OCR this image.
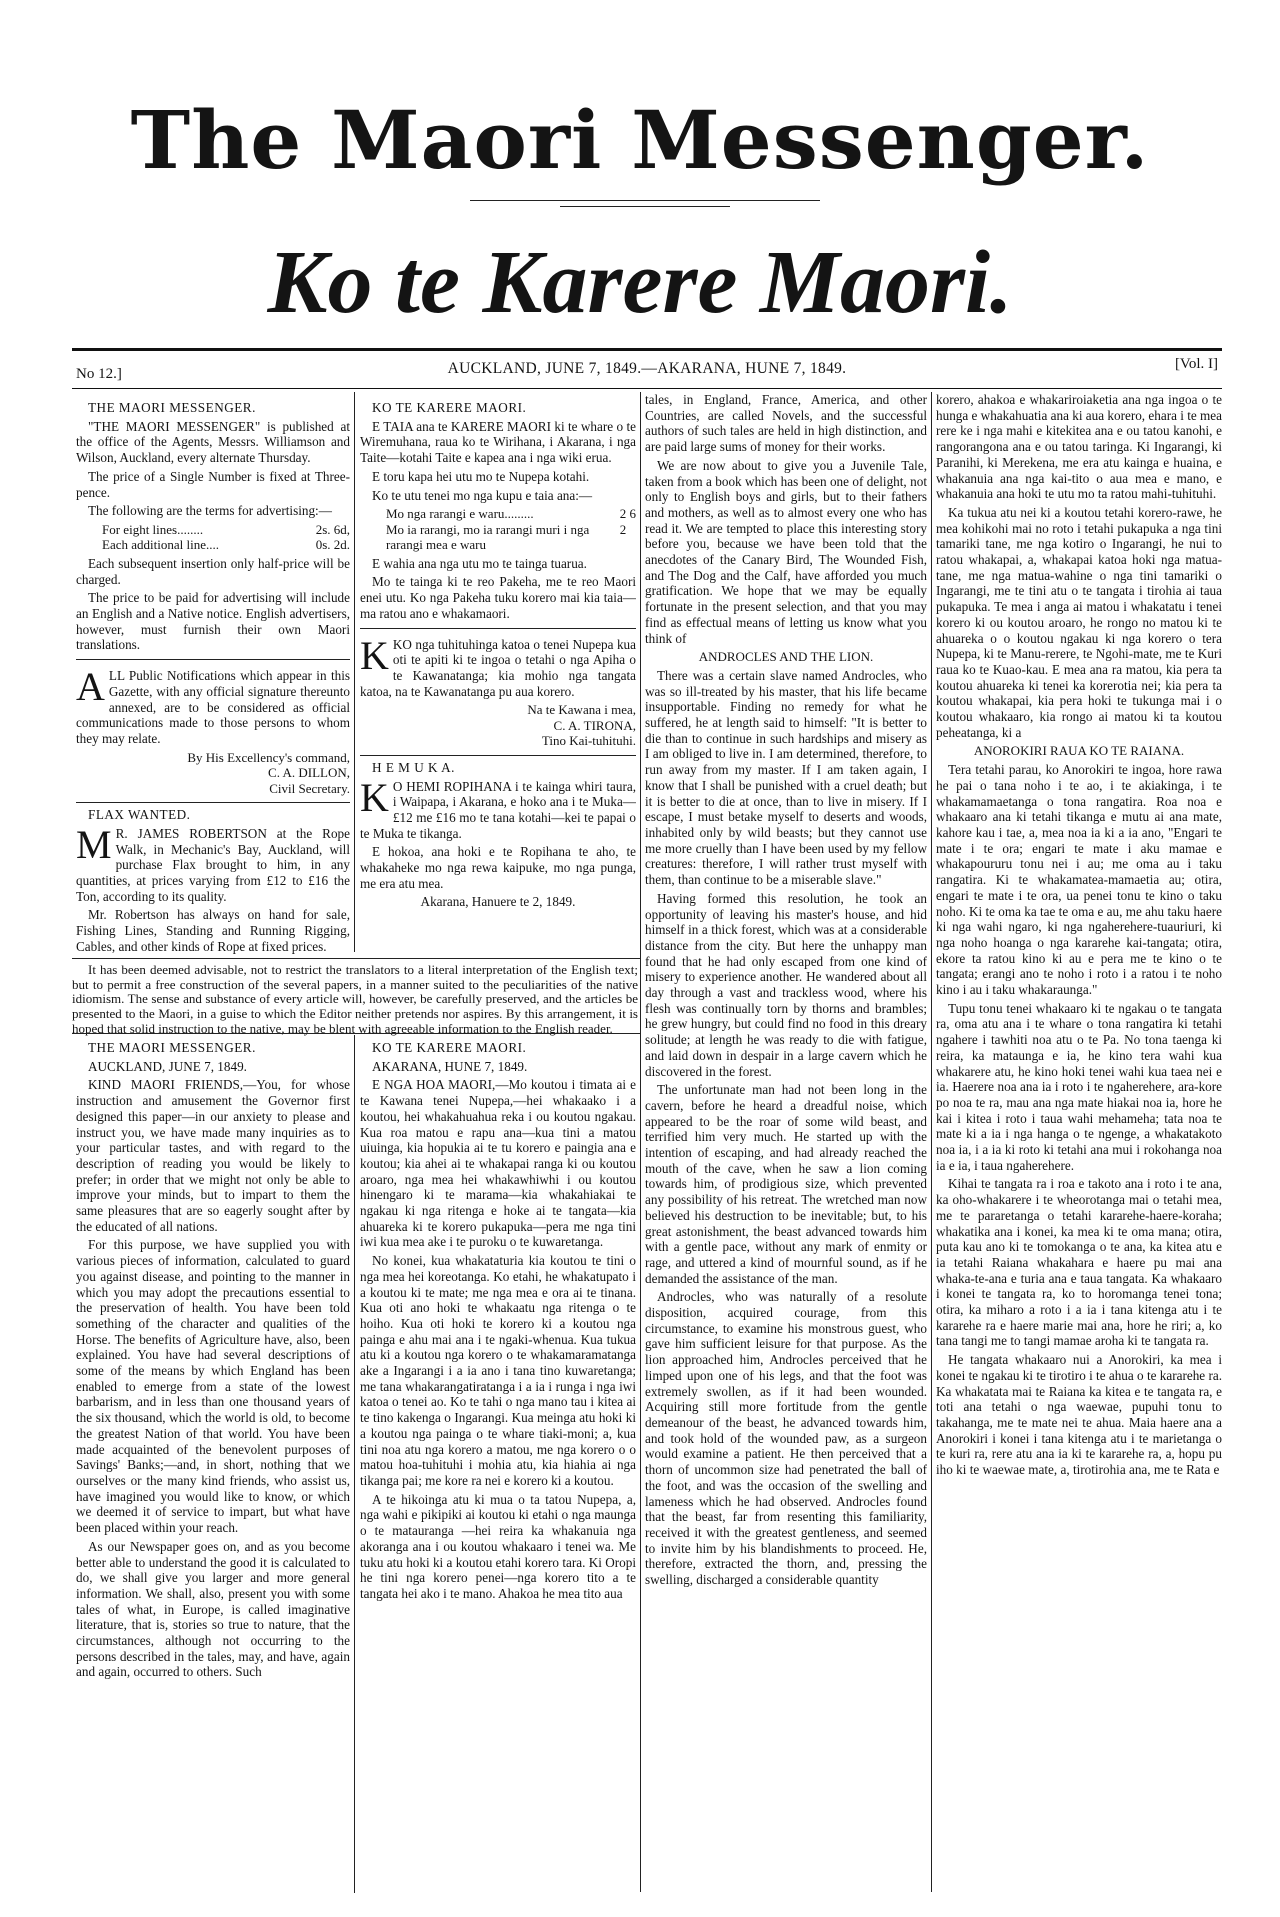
The Maori Messenger.
Ko te Karere Maori.
No 12.]	AUCKLAND, JUNE 7, 1849.—AKARANA, HUNE 7, 1849.	[Vol. I]

THE MAORI MESSENGER.

"THE MAORI MESSENGER" is published at the office of the Agents, Messrs. Williamson and Wilson, Auckland, every alternate Thursday.

The price of a Single Number is fixed at Three-pence.

The following are the terms for advertising:—

For eight lines........	2s. 6d,
Each additional line....	0s. 2d.

Each subsequent insertion only half-price will be charged.

The price to be paid for advertising will include an English and a Native notice. English advertisers, however, must furnish their own Maori translations.

ALL Public Notifications which appear in this Gazette, with any official signature thereunto annexed, are to be considered as official communications made to those persons to whom they may relate.

By His Excellency's command,
C. A. DILLON,
Civil Secretary.

FLAX WANTED.

M R. JAMES ROBERTSON at the Rope Walk, in Mechanic's Bay, Auckland, will purchase Flax brought to him, in any quantities, at prices varying from £12 to £16 the Ton, according to its quality.

Mr. Robertson has always on hand for sale, Fishing Lines, Standing and Running Rigging, Cables, and other kinds of Rope at fixed prices.

KO TE KARERE MAORI.

E TAIA ana te KARERE MAORI ki te whare o te Wiremuhana, raua ko te Wirihana, i Akarana, i nga Taite—kotahi Taite e kapea ana i nga wiki erua.

E toru kapa hei utu mo te Nupepa kotahi.

Ko te utu tenei mo nga kupu e taia ana:—

Mo nga rarangi e waru.........	2 6
Mo ia rarangi, mo ia rarangi muri i nga rarangi mea e waru
2

E wahia ana nga utu mo te tainga tuarua.

Mo te tainga ki te reo Pakeha, me te reo Maori enei utu. Ko nga Pakeha tuku korero mai kia taia—ma ratou ano e whakamaori.

KKO nga tuhituhinga katoa o tenei Nupepa kua oti te apiti ki te ingoa o tetahi o nga Apiha o te Kawanatanga; kia mohio nga tangata katoa, na te Kawanatanga pu aua korero.

Na te Kawana i mea,
C. A. TIRONA,
Tino Kai-tuhituhi.

H E M U K A.

K O HEMI ROPIHANA i te kainga whiri taura, i Waipapa, i Akarana, e hoko ana i te Muka—£12 me £16 mo te tana kotahi—kei te papai o te Muka te tikanga.

E hokoa, ana hoki e te Ropihana te aho, te whakaheke mo nga rewa kaipuke, mo nga punga, me era atu mea.

Akarana, Hanuere te 2, 1849.

It has been deemed advisable, not to restrict the translators to a literal interpretation of the English text; but to permit a free construction of the several papers, in a manner suited to the peculiarities of the native idiomism. The sense and substance of every article will, however, be carefully preserved, and the articles be presented to the Maori, in a guise to which the Editor neither pretends nor aspires. By this arrangement, it is hoped that solid instruction to the native, may be blent with agreeable information to the English reader.

THE MAORI MESSENGER.

AUCKLAND, JUNE 7, 1849.

KIND MAORI FRIENDS,—You, for whose instruction and amusement the Governor first designed this paper—in our anxiety to please and instruct you, we have made many inquiries as to your particular tastes, and with regard to the description of reading you would be likely to prefer; in order that we might not only be able to improve your minds, but to impart to them the same pleasures that are so eagerly sought after by the educated of all nations.

For this purpose, we have supplied you with various pieces of information, calculated to guard you against disease, and pointing to the manner in which you may adopt the precautions essential to the preservation of health. You have been told something of the character and qualities of the Horse. The benefits of Agriculture have, also, been explained. You have had several descriptions of some of the means by which England has been enabled to emerge from a state of the lowest barbarism, and in less than one thousand years of the six thousand, which the world is old, to become the greatest Nation of that world. You have been made acquainted of the benevolent purposes of Savings' Banks;—and, in short, nothing that we ourselves or the many kind friends, who assist us, have imagined you would like to know, or which we deemed it of service to impart, but what have been placed within your reach.

As our Newspaper goes on, and as you become better able to understand the good it is calculated to do, we shall give you larger and more general information. We shall, also, present you with some tales of what, in Europe, is called imaginative literature, that is, stories so true to nature, that the circumstances, although not occurring to the persons described in the tales, may, and have, again and again, occurred to others. Such

KO TE KARERE MAORI.

AKARANA, HUNE 7, 1849.

E NGA HOA MAORI,—Mo koutou i timata ai e te Kawana tenei Nupepa,—hei whakaako i a koutou, hei whakahuahua reka i ou koutou ngakau. Kua roa matou e rapu ana—kua tini a matou uiuinga, kia hopukia ai te tu korero e paingia ana e koutou; kia ahei ai te whakapai ranga ki ou koutou aroaro, nga mea hei whakawhiwhi i ou koutou hinengaro ki te marama—kia whakahiakai te ngakau ki nga ritenga e hoke ai te tangata—kia ahuareka ki te korero pukapuka—pera me nga tini iwi kua mea ake i te puroku o te kuwaretanga.

No konei, kua whakataturia kia koutou te tini o nga mea hei koreotanga. Ko etahi, he whakatupato i a koutou ki te mate; me nga mea e ora ai te tinana. Kua oti ano hoki te whakaatu nga ritenga o te hoiho. Kua oti hoki te korero ki a koutou nga painga e ahu mai ana i te ngaki-whenua. Kua tukua atu ki a koutou nga korero o te whakamaramatanga ake a Ingarangi i a ia ano i tana tino kuwaretanga; me tana whakarangatiratanga i a ia i runga i nga iwi katoa o tenei ao. Ko te tahi o nga mano tau i kitea ai te tino kakenga o Ingarangi. Kua meinga atu hoki ki a koutou nga painga o te whare tiaki-moni; a, kua tini noa atu nga korero a matou, me nga korero o o matou hoa-tuhituhi i mohia atu, kia hiahia ai nga tikanga pai; me kore ra nei e korero ki a koutou.

A te hikoinga atu ki mua o ta tatou Nupepa, a, nga wahi e pikipiki ai koutou ki etahi o nga maunga o te matauranga —hei reira ka whakanuia nga akoranga ana i ou koutou whakaaro i tenei wa. Me tuku atu hoki ki a koutou etahi korero tara. Ki Oropi he tini nga korero penei—nga korero tito a te tangata hei ako i te mano. Ahakoa he mea tito aua

tales, in England, France, America, and other Countries, are called Novels, and the successful authors of such tales are held in high distinction, and are paid large sums of money for their works.

We are now about to give you a Juvenile Tale, taken from a book which has been one of delight, not only to English boys and girls, but to their fathers and mothers, as well as to almost every one who has read it. We are tempted to place this interesting story before you, because we have been told that the anecdotes of the Canary Bird, The Wounded Fish, and The Dog and the Calf, have afforded you much gratification. We hope that we may be equally fortunate in the present selection, and that you may find as effectual means of letting us know what you think of

ANDROCLES AND THE LION.

There was a certain slave named Androcles, who was so ill-treated by his master, that his life became insupportable. Finding no remedy for what he suffered, he at length said to himself: "It is better to die than to continue in such hardships and misery as I am obliged to live in. I am determined, therefore, to run away from my master. If I am taken again, I know that I shall be punished with a cruel death; but it is better to die at once, than to live in misery. If I escape, I must betake myself to deserts and woods, inhabited only by wild beasts; but they cannot use me more cruelly than I have been used by my fellow creatures: therefore, I will rather trust myself with them, than continue to be a miserable slave."

Having formed this resolution, he took an opportunity of leaving his master's house, and hid himself in a thick forest, which was at a considerable distance from the city. But here the unhappy man found that he had only escaped from one kind of misery to experience another. He wandered about all day through a vast and trackless wood, where his flesh was continually torn by thorns and brambles; he grew hungry, but could find no food in this dreary solitude; at length he was ready to die with fatigue, and laid down in despair in a large cavern which he discovered in the forest.

The unfortunate man had not been long in the cavern, before he heard a dreadful noise, which appeared to be the roar of some wild beast, and terrified him very much. He started up with the intention of escaping, and had already reached the mouth of the cave, when he saw a lion coming towards him, of prodigious size, which prevented any possibility of his retreat. The wretched man now believed his destruction to be inevitable; but, to his great astonishment, the beast advanced towards him with a gentle pace, without any mark of enmity or rage, and uttered a kind of mournful sound, as if he demanded the assistance of the man.

Androcles, who was naturally of a resolute disposition, acquired courage, from this circumstance, to examine his monstrous guest, who gave him sufficient leisure for that purpose. As the lion approached him, Androcles perceived that he limped upon one of his legs, and that the foot was extremely swollen, as if it had been wounded. Acquiring still more fortitude from the gentle demeanour of the beast, he advanced towards him, and took hold of the wounded paw, as a surgeon would examine a patient. He then perceived that a thorn of uncommon size had penetrated the ball of the foot, and was the occasion of the swelling and lameness which he had observed. Androcles found that the beast, far from resenting this familiarity, received it with the greatest gentleness, and seemed to invite him by his blandishments to proceed. He, therefore, extracted the thorn, and, pressing the swelling, discharged a considerable quantity

korero, ahakoa e whakariroiaketia ana nga ingoa o te hunga e whakahuatia ana ki aua korero, ehara i te mea rere ke i nga mahi e kitekitea ana e ou tatou kanohi, e rangorangona ana e ou tatou taringa. Ki Ingarangi, ki Paranihi, ki Merekena, me era atu kainga e huaina, e whakanuia ana nga kai-tito o aua mea e mano, e whakanuia ana hoki te utu mo ta ratou mahi-tuhituhi.

Ka tukua atu nei ki a koutou tetahi korero-rawe, he mea kohikohi mai no roto i tetahi pukapuka a nga tini tamariki tane, me nga kotiro o Ingarangi, he nui to ratou whakapai, a, whakapai katoa hoki nga matua-tane, me nga matua-wahine o nga tini tamariki o Ingarangi, me te tini atu o te tangata i tirohia ai taua pukapuka. Te mea i anga ai matou i whakatatu i tenei korero ki ou koutou aroaro, he rongo no matou ki te ahuareka o o koutou ngakau ki nga korero o tera Nupepa, ki te Manu-rerere, te Ngohi-mate, me te Kuri raua ko te Kuao-kau. E mea ana ra matou, kia pera ta koutou ahuareka ki tenei ka korerotia nei; kia pera ta koutou whakapai, kia pera hoki te tukunga mai i o koutou whakaaro, kia rongo ai matou ki ta koutou peheatanga, ki a

ANOROKIRI RAUA KO TE RAIANA.

Tera tetahi parau, ko Anorokiri te ingoa, hore rawa he pai o tana noho i te ao, i te akiakinga, i te whakamamaetanga o tona rangatira. Roa noa e whakaaro ana ki tetahi tikanga e mutu ai ana mate, kahore kau i tae, a, mea noa ia ki a ia ano, "Engari te mate i te ora; engari te mate i aku mamae e whakapoururu tonu nei i au; me oma au i taku rangatira. Ki te whakamatea-mamaetia au; otira, engari te mate i te ora, ua penei tonu te kino o taku noho. Ki te oma ka tae te oma e au, me ahu taku haere ki nga wahi ngaro, ki nga ngaherehere-tuauriuri, ki nga noho hoanga o nga kararehe kai-tangata; otira, ekore ta ratou kino ki au e pera me te kino o te tangata; erangi ano te noho i roto i a ratou i te noho kino i au i taku whakaraunga."

Tupu tonu tenei whakaaro ki te ngakau o te tangata ra, oma atu ana i te whare o tona rangatira ki tetahi ngahere i tawhiti noa atu o te Pa. No tona taenga ki reira, ka mataunga e ia, he kino tera wahi kua whakarere atu, he kino hoki tenei wahi kua taea nei e ia. Haerere noa ana ia i roto i te ngaherehere, ara-kore po noa te ra, mau ana nga mate hiakai noa ia, hore he kai i kitea i roto i taua wahi mehameha; tata noa te mate ki a ia i nga hanga o te ngenge, a whakatakoto noa ia, i a ia ki roto ki tetahi ana mui i rokohanga noa ia e ia, i taua ngaherehere.

Kihai te tangata ra i roa e takoto ana i roto i te ana, ka oho-whakarere i te wheorotanga mai o tetahi mea, me te pararetanga o tetahi kararehe-haere-koraha; whakatika ana i konei, ka mea ki te oma mana; otira, puta kau ano ki te tomokanga o te ana, ka kitea atu e ia tetahi Raiana whakahara e haere pu mai ana whaka-te-ana e turia ana e taua tangata. Ka whakaaro i konei te tangata ra, ko to horomanga tenei tona; otira, ka miharo a roto i a ia i tana kitenga atu i te kararehe ra e haere marie mai ana, hore he riri; a, ko tana tangi me to tangi mamae aroha ki te tangata ra.

He tangata whakaaro nui a Anorokiri, ka mea i konei te ngakau ki te tirotiro i te ahua o te kararehe ra. Ka whakatata mai te Raiana ka kitea e te tangata ra, e toti ana tetahi o nga waewae, pupuhi tonu to takahanga, me te mate nei te ahua. Maia haere ana a Anorokiri i konei i tana kitenga atu i te marietanga o te kuri ra, rere atu ana ia ki te kararehe ra, a, hopu pu iho ki te waewae mate, a, tirotirohia ana, me te Rata e
